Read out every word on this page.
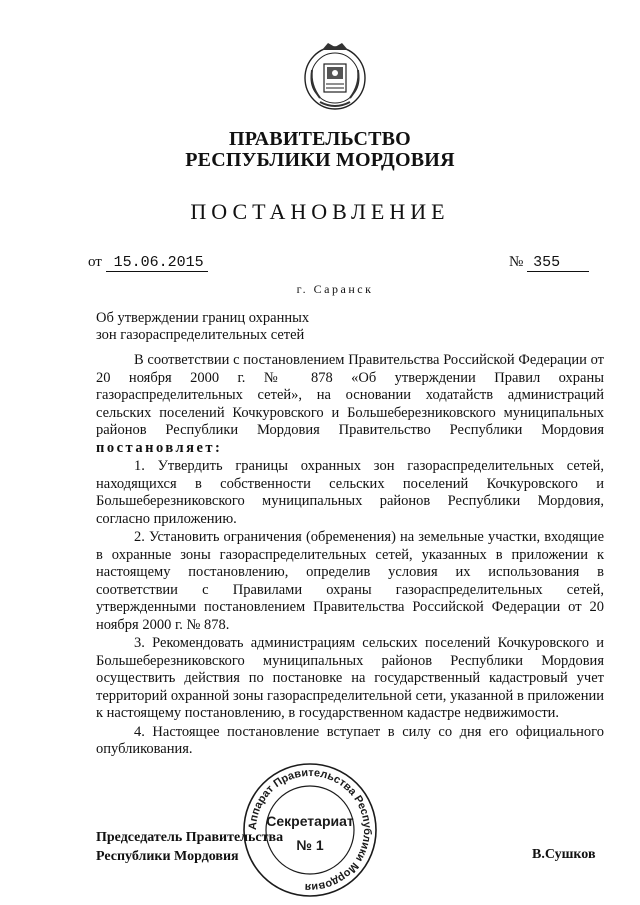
ПРАВИТЕЛЬСТВО
РЕСПУБЛИКИ МОРДОВИЯ
ПОСТАНОВЛЕНИЕ
от 15.06.2015	№ 355
г. Саранск
Об утверждении границ охранных
зон газораспределительных сетей

В соответствии с постановлением Правительства Российской Федерации от 20 ноября 2000 г. № 878 «Об утверждении Правил охраны газораспределительных сетей», на основании ходатайств администраций сельских поселений Кочкуровского и Большеберезниковского муниципальных районов Республики Мордовия Правительство Республики Мордовия постановляет:

1. Утвердить границы охранных зон газораспределительных сетей, находящихся в собственности сельских поселений Кочкуровского и Большеберезниковского муниципальных районов Республики Мордовия, согласно приложению.

2. Установить ограничения (обременения) на земельные участки, входящие в охранные зоны газораспределительных сетей, указанных в приложении к настоящему постановлению, определив условия их использования в соответствии с Правилами охраны газораспределительных сетей, утвержденными постановлением Правительства Российской Федерации от 20 ноября 2000 г. № 878.

3. Рекомендовать администрациям сельских поселений Кочкуровского и Большеберезниковского муниципальных районов Республики Мордовия осуществить действия по постановке на государственный кадастровый учет территорий охранной зоны газораспределительной сети, указанной в приложении к настоящему постановлению, в государственном кадастре недвижимости.

4. Настоящее постановление вступает в силу со дня его официального опубликования.

Председатель Правительства
Республики Мордовия	В.Сушков
Аппарат Правительства Республики Мордовия
Секретариат
№ 1
